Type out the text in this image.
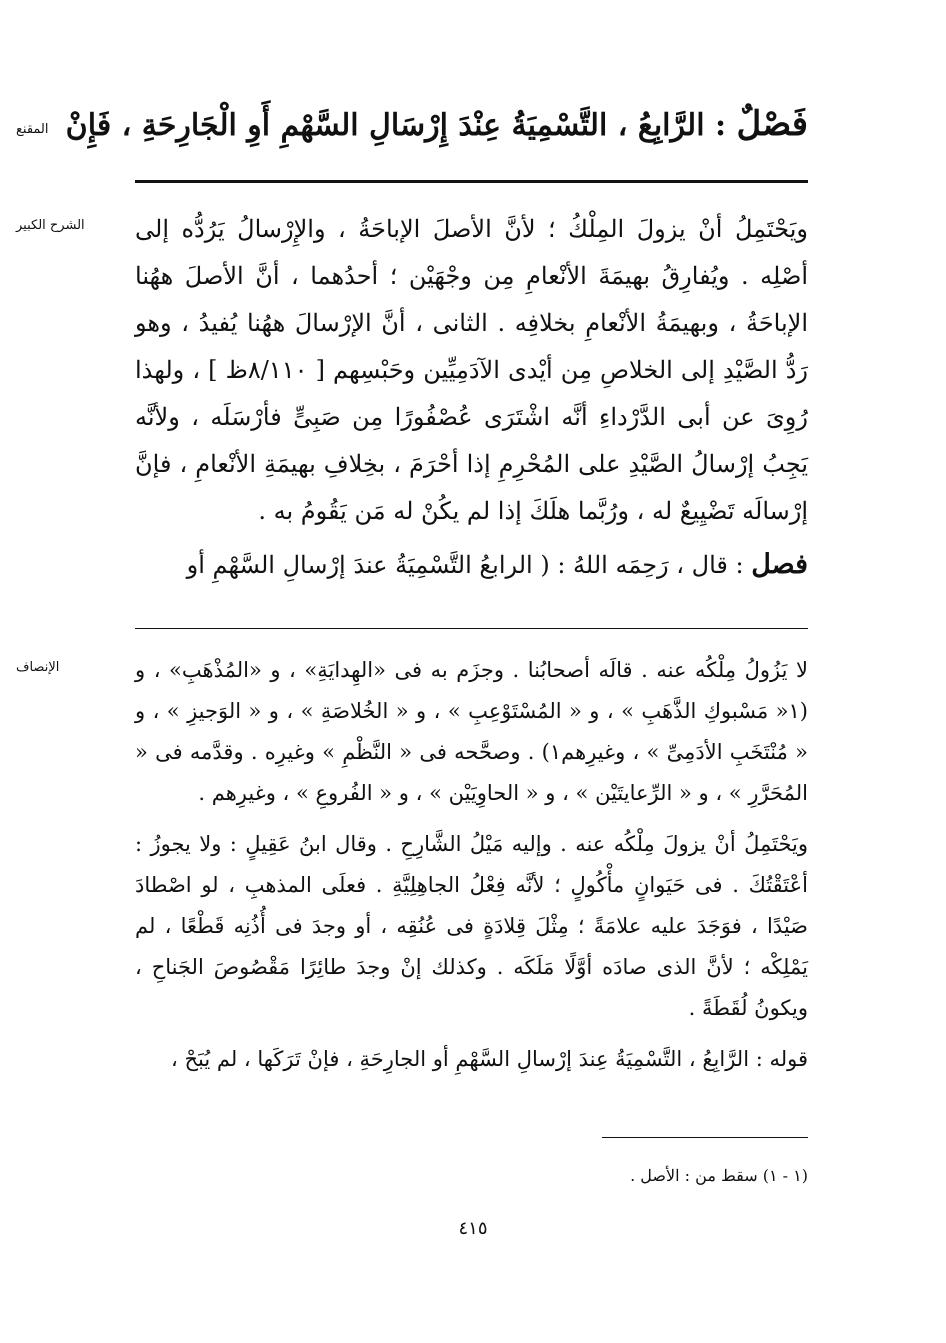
المقنع	فَصْلٌ : الرَّابِعُ ، التَّسْمِيَةُ عِنْدَ إِرْسَالِ السَّهْمِ أَوِ الْجَارِحَةِ ، فَإِنْ
الشرح الكبير	ويَحْتَمِلُ أنْ يزولَ المِلْكُ ؛ لأنَّ الأصلَ الإباحَةُ ، والإِرْسالُ يَرُدُّه إلى أصْلِه . ويُفارِقُ بهيمَةَ الأنْعامِ مِن وجْهَيْن ؛ أحدُهما ، أنَّ الأصلَ ههُنا الإباحَةُ ، وبهيمَةُ الأنْعامِ بخلافِه . الثانى ، أنَّ الإرْسالَ ههُنا يُفيدُ ، وهو رَدُّ الصَّيْدِ إلى الخلاصِ مِن أيْدى الآدَمِيِّين وحَبْسِهم [ ٨/١١٠ظ ] ، ولهذا رُوِىَ عن أبى الدَّرْداءِ أنَّه اشْتَرَى عُصْفُورًا مِن صَبِىٍّ فأرْسَلَه ، ولأنَّه يَجِبُ إرْسالُ الصَّيْدِ على المُحْرِمِ إذا أحْرَمَ ، بخِلافِ بهيمَةِ الأنْعامِ ، فإنَّ إرْسالَه تَضْيِيعٌ له ، ورُبَّما هلَكَ إذا لم يكُنْ له مَن يَقُومُ به .

فصل : قال ، رَحِمَه اللهُ : ( الرابعُ التَّسْمِيَةُ عندَ إرْسالِ السَّهْمِ أو

الإنصاف	لا يَزُولُ مِلْكُه عنه . قالَه أصحابُنا . وجزَم به فى «الهِدايَةِ» ، و «المُذْهَبِ» ، و (١« مَسْبوكِ الذَّهَبِ » ، و « المُسْتَوْعِبِ » ، و « الخُلاصَةِ » ، و « الوَجيزِ » ، و « مُنْتَخَبِ الأدَمِىِّ » ، وغيرِهم١) . وصحَّحه فى « النَّظْمِ » وغيرِه . وقدَّمه فى « المُحَرَّرِ » ، و « الرِّعايتَيْن » ، و « الحاوِيَيْن » ، و « الفُروعِ » ، وغيرِهم .

ويَحْتَمِلُ أنْ يزولَ مِلْكُه عنه . وإليه مَيْلُ الشَّارِحِ . وقال ابنُ عَقِيلٍ : ولا يجوزُ : أعْتَقْتُكَ . فى حَيَوانٍ مأْكُولٍ ؛ لأنَّه فِعْلُ الجاهِلِيَّةِ . فعلَى المذهبِ ، لو اصْطادَ صَيْدًا ، فوَجَدَ عليه علامَةً ؛ مِثْلَ قِلادَةٍ فى عُنُقِه ، أو وجدَ فى أُذُنِه قَطْعًا ، لم يَمْلِكْه ؛ لأنَّ الذى صادَه أوَّلًا مَلَكَه . وكذلك إنْ وجدَ طائِرًا مَقْصُوصَ الجَناحِ ، ويكونُ لُقَطَةً .

قوله : الرَّابِعُ ، التَّسْمِيَةُ عِندَ إرْسالِ السَّهْمِ أو الجارِحَةِ ، فإنْ تَرَكَها ، لم يُبَحْ ،

(١ - ١) سقط من : الأصل .
٤١٥
